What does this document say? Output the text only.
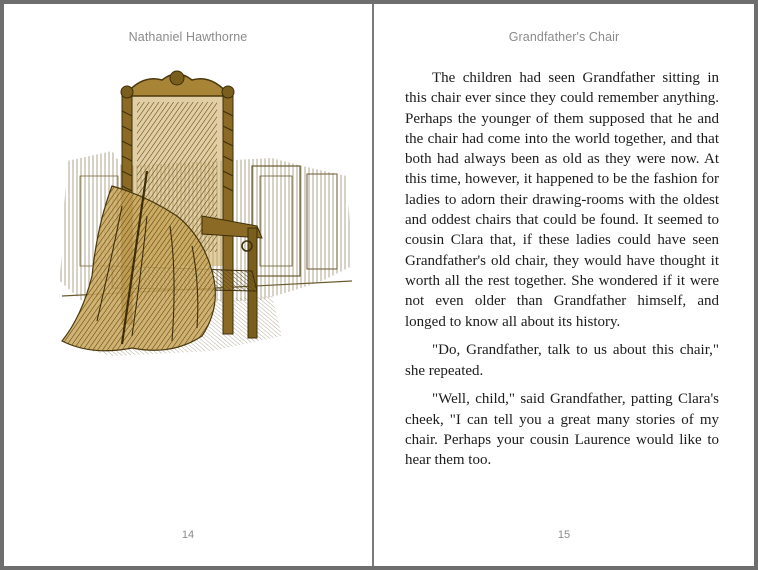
Nathaniel Hawthorne
14
Grandfather's Chair

The children had seen Grandfather sitting in this chair ever since they could remember anything. Perhaps the younger of them supposed that he and the chair had come into the world together, and that both had always been as old as they were now. At this time, however, it happened to be the fashion for ladies to adorn their drawing-rooms with the oldest and oddest chairs that could be found. It seemed to cousin Clara that, if these ladies could have seen Grandfather's old chair, they would have thought it worth all the rest together. She wondered if it were not even older than Grandfather himself, and longed to know all about its history.

"Do, Grandfather, talk to us about this chair," she repeated.

"Well, child," said Grandfather, patting Clara's cheek, "I can tell you a great many stories of my chair. Perhaps your cousin Laurence would like to hear them too.

15
